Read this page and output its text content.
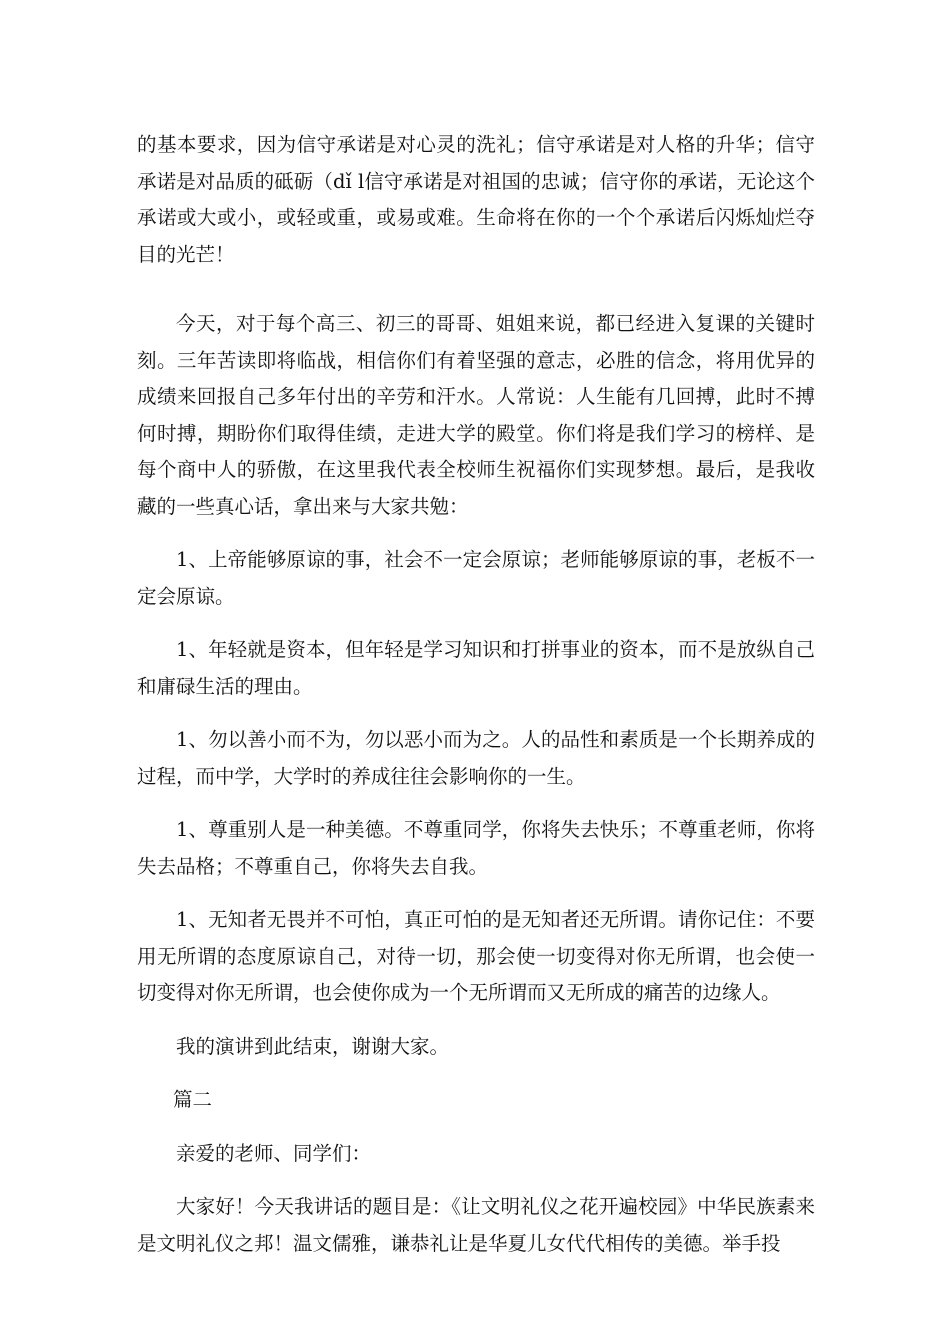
的基本要求，因为信守承诺是对心灵的洗礼；信守承诺是对人格的升华；信守承诺是对品质的砥砺（dǐ l信守承诺是对祖国的忠诚；信守你的承诺，无论这个承诺或大或小，或轻或重，或易或难。生命将在你的一个个承诺后闪烁灿烂夺目的光芒！

今天，对于每个高三、初三的哥哥、姐姐来说，都已经进入复课的关键时刻。三年苦读即将临战，相信你们有着坚强的意志，必胜的信念，将用优异的成绩来回报自己多年付出的辛劳和汗水。人常说：人生能有几回搏，此时不搏何时搏，期盼你们取得佳绩，走进大学的殿堂。你们将是我们学习的榜样、是每个商中人的骄傲，在这里我代表全校师生祝福你们实现梦想。最后，是我收藏的一些真心话，拿出来与大家共勉：

1、上帝能够原谅的事，社会不一定会原谅；老师能够原谅的事，老板不一定会原谅。

1、年轻就是资本，但年轻是学习知识和打拼事业的资本，而不是放纵自己和庸碌生活的理由。

1、勿以善小而不为，勿以恶小而为之。人的品性和素质是一个长期养成的过程，而中学，大学时的养成往往会影响你的一生。

1、尊重别人是一种美德。不尊重同学，你将失去快乐；不尊重老师，你将失去品格；不尊重自己，你将失去自我。

1、无知者无畏并不可怕，真正可怕的是无知者还无所谓。请你记住：不要用无所谓的态度原谅自己，对待一切，那会使一切变得对你无所谓，也会使一切变得对你无所谓，也会使你成为一个无所谓而又无所成的痛苦的边缘人。

我的演讲到此结束，谢谢大家。

篇二

亲爱的老师、同学们：

大家好！今天我讲话的题目是：《让文明礼仪之花开遍校园》中华民族素来是文明礼仪之邦！温文儒雅，谦恭礼让是华夏儿女代代相传的美德。举手投
